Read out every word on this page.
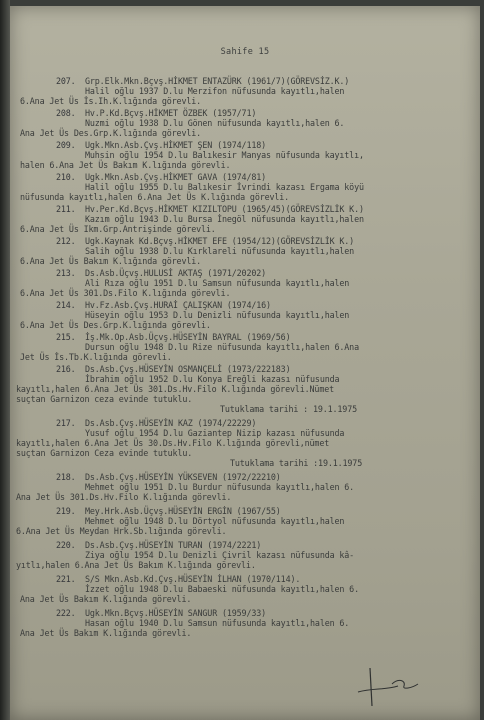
Sahife 15
207. Grp.Elk.Mkn.Bçvş.HİKMET ENTAZÜRK (1961/7)(GÖREVSİZ.K.)
Halil oğlu 1937 D.lu Merzifon nüfusunda kayıtlı,halen
6.Ana Jet Üs İs.Ih.K.lığında görevli.
208. Hv.P.Kd.Bçvş.HİKMET ÖZBEK (1957/71)
Nuzmi oğlu 1938 D.lu Gönen nüfusunda kayıtlı,halen 6.
Ana Jet Üs Des.Grp.K.lığında görevli.
209. Ugk.Mkn.Asb.Çvş.HİKMET ŞEN (1974/118)
Muhsin oğlu 1954 D.lu Balıkesir Manyas nüfusunda kayıtlı,
halen 6.Ana Jet Üs Bakım K.lığında görevli.
210. Ugk.Mkn.Asb.Çvş.HİKMET GAVA (1974/81)
Halil oğlu 1955 D.lu Balıkesir İvrindi kazası Ergama köyü
nüfusunda kayıtlı,halen 6.Ana Jet Üs K.lığında görevli.
211. Hv.Per.Kd.Bçvş.HİKMET KIZILTOPU (1965/45)(GÖREVSİZLİK K.)
Kazım oğlu 1943 D.lu Bursa İnegöl nüfusunda kayıtlı,halen
6.Ana Jet Üs Ikm.Grp.Antrişinde görevli.
212. Ugk.Kaynak Kd.Bçvş.HİKMET EFE (1954/12)(GÖREVSİZLİK K.)
Salih oğlu 1938 D.lu Kırklareli nüfusunda kayıtlı,halen
6.Ana Jet Üs Bakım K.lığında görevli.
213. Ds.Asb.Üçvş.HULUSİ AKTAŞ (1971/20202)
Ali Rıza oğlu 1951 D.lu Samsun nüfusunda kayıtlı,halen
6.Ana Jet Üs 301.Ds.Filo K.lığında görevli.
214. Hv.Fz.Asb.Çvş.HURAİ ÇALIŞKAN (1974/16)
Hüseyin oğlu 1953 D.lu Denizli nüfusunda kayıtlı,halen
6.Ana Jet Üs Des.Grp.K.lığında görevli.
215. İş.Mk.Op.Asb.Üçvş.HÜSEYİN BAYRAL (1969/56)
Dursun oğlu 1948 D.lu Rize nüfusunda kayıtlı,halen 6.Ana
Jet Üs İs.Tb.K.lığında görevli.
216. Ds.Asb.Çvş.HÜSEYİN OSMANÇELİ (1973/222183)
İbrahim oğlu 1952 D.lu Konya Ereğli kazası nüfusunda
kayıtlı,halen 6.Ana Jet Üs 301.Ds.Hv.Filo K.lığında görevli.Nümet
suçtan Garnizon ceza evinde tutuklu.
Tutuklama tarihi : 19.1.1975
217. Ds.Asb.Çvş.HÜSEYİN KAZ (1974/22229)
Yusuf oğlu 1954 D.lu Gaziantep Nizip kazası nüfusunda
kayıtlı,halen 6.Ana Jet Üs 30.Ds.Hv.Filo K.lığında görevli,nümet
suçtan Garnizon Ceza evinde tutuklu.
Tutuklama tarihi :19.1.1975
218. Ds.Asb.Çvş.HÜSEYİN YÜKSEVEN (1972/22210)
Mehmet oğlu 1951 D.lu Burdur nüfusunda kayıtlı,halen 6.
Ana Jet Üs 301.Ds.Hv.Filo K.lığında görevli.
219. Mey.Hrk.Asb.Üçvş.HÜSEYİN ERGİN (1967/55)
Mehmet oğlu 1948 D.lu Dörtyol nüfusunda kayıtlı,halen
6.Ana Jet Üs Meydan Hrk.Sb.lığında görevli.
220. Ds.Asb.Çvş.HÜSEYİN TURAN (1974/2221)
Ziya oğlu 1954 D.lu Denizli Çivril kazası nüfusunda kâ-
yıtlı,halen 6.Ana Jet Üs Bakım K.lığında görevli.
221. S/S Mkn.Asb.Kd.Çvş.HÜSEYİN İLHAN (1970/114).
İzzet oğlu 1948 D.lu Babaeski nüfusunda kayıtlı,halen 6.
Ana Jet Üs Bakım K.lığında görevli.
222. Ugk.Mkn.Bçvş.HÜSEYİN SANGUR (1959/33)
Hasan oğlu 1940 D.lu Samsun nüfusunda kayıtlı,halen 6.
Ana Jet Üs Bakım K.lığında görevli.
